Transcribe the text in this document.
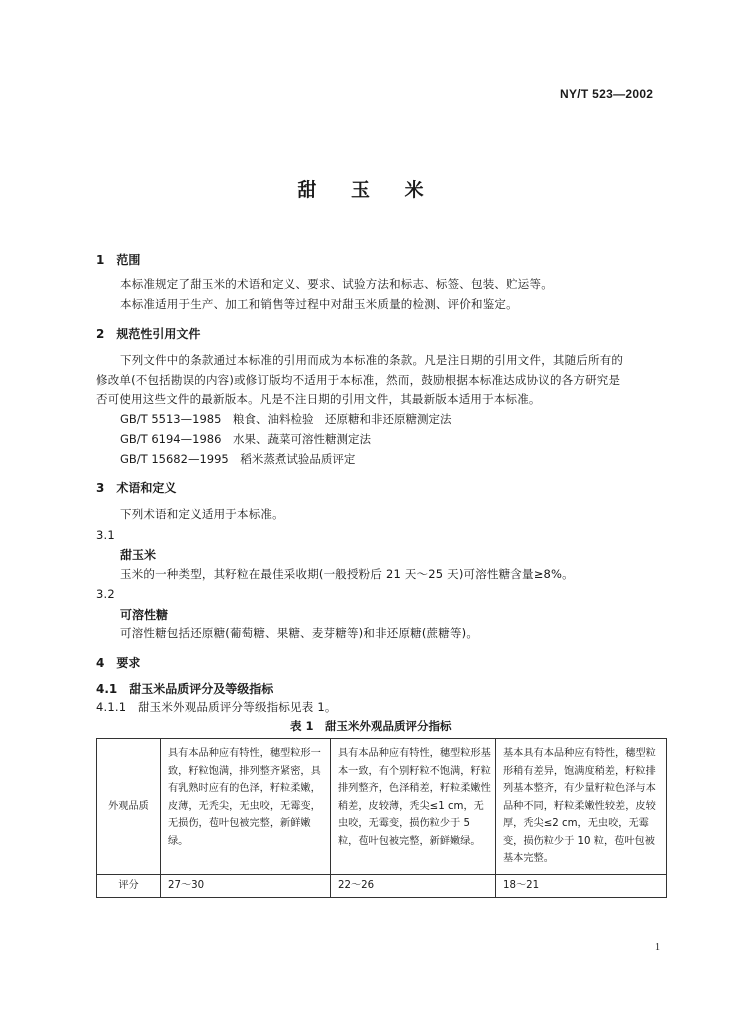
NY/T 523—2002
甜 玉 米
1　范围
本标准规定了甜玉米的术语和定义、要求、试验方法和标志、标签、包装、贮运等。
本标准适用于生产、加工和销售等过程中对甜玉米质量的检测、评价和鉴定。
2　规范性引用文件
下列文件中的条款通过本标准的引用而成为本标准的条款。凡是注日期的引用文件，其随后所有的
修改单(不包括勘误的内容)或修订版均不适用于本标准，然而，鼓励根据本标准达成协议的各方研究是
否可使用这些文件的最新版本。凡是不注日期的引用文件，其最新版本适用于本标准。
GB/T 5513—1985 粮食、油料检验　还原糖和非还原糖测定法
GB/T 6194—1986 水果、蔬菜可溶性糖测定法
GB/T 15682—1995 稻米蒸煮试验品质评定
3　术语和定义
下列术语和定义适用于本标准。
3.1
甜玉米
玉米的一种类型，其籽粒在最佳采收期(一般授粉后 21 天～25 天)可溶性糖含量≥8%。
3.2
可溶性糖
可溶性糖包括还原糖(葡萄糖、果糖、麦芽糖等)和非还原糖(蔗糖等)。
4　要求
4.1　甜玉米品质评分及等级指标
4.1.1　甜玉米外观品质评分等级指标见表 1。
表 1　甜玉米外观品质评分指标
外观品质	具有本品种应有特性，穗型粒形一致，籽粒饱满，排列整齐紧密，具有乳熟时应有的色泽，籽粒柔嫩，皮薄，无秃尖，无虫咬，无霉变，无损伤，苞叶包被完整，新鲜嫩绿。	具有本品种应有特性，穗型粒形基本一致，有个别籽粒不饱满，籽粒排列整齐，色泽稍差，籽粒柔嫩性稍差，皮较薄，秃尖≤1 cm，无虫咬，无霉变，损伤粒少于 5 粒，苞叶包被完整，新鲜嫩绿。	基本具有本品种应有特性，穗型粒形稍有差异，饱满度稍差，籽粒排列基本整齐，有少量籽粒色泽与本品种不同，籽粒柔嫩性较差，皮较厚，秃尖≤2 cm，无虫咬，无霉变，损伤粒少于 10 粒，苞叶包被基本完整。
评分	27～30	22～26	18～21
1
